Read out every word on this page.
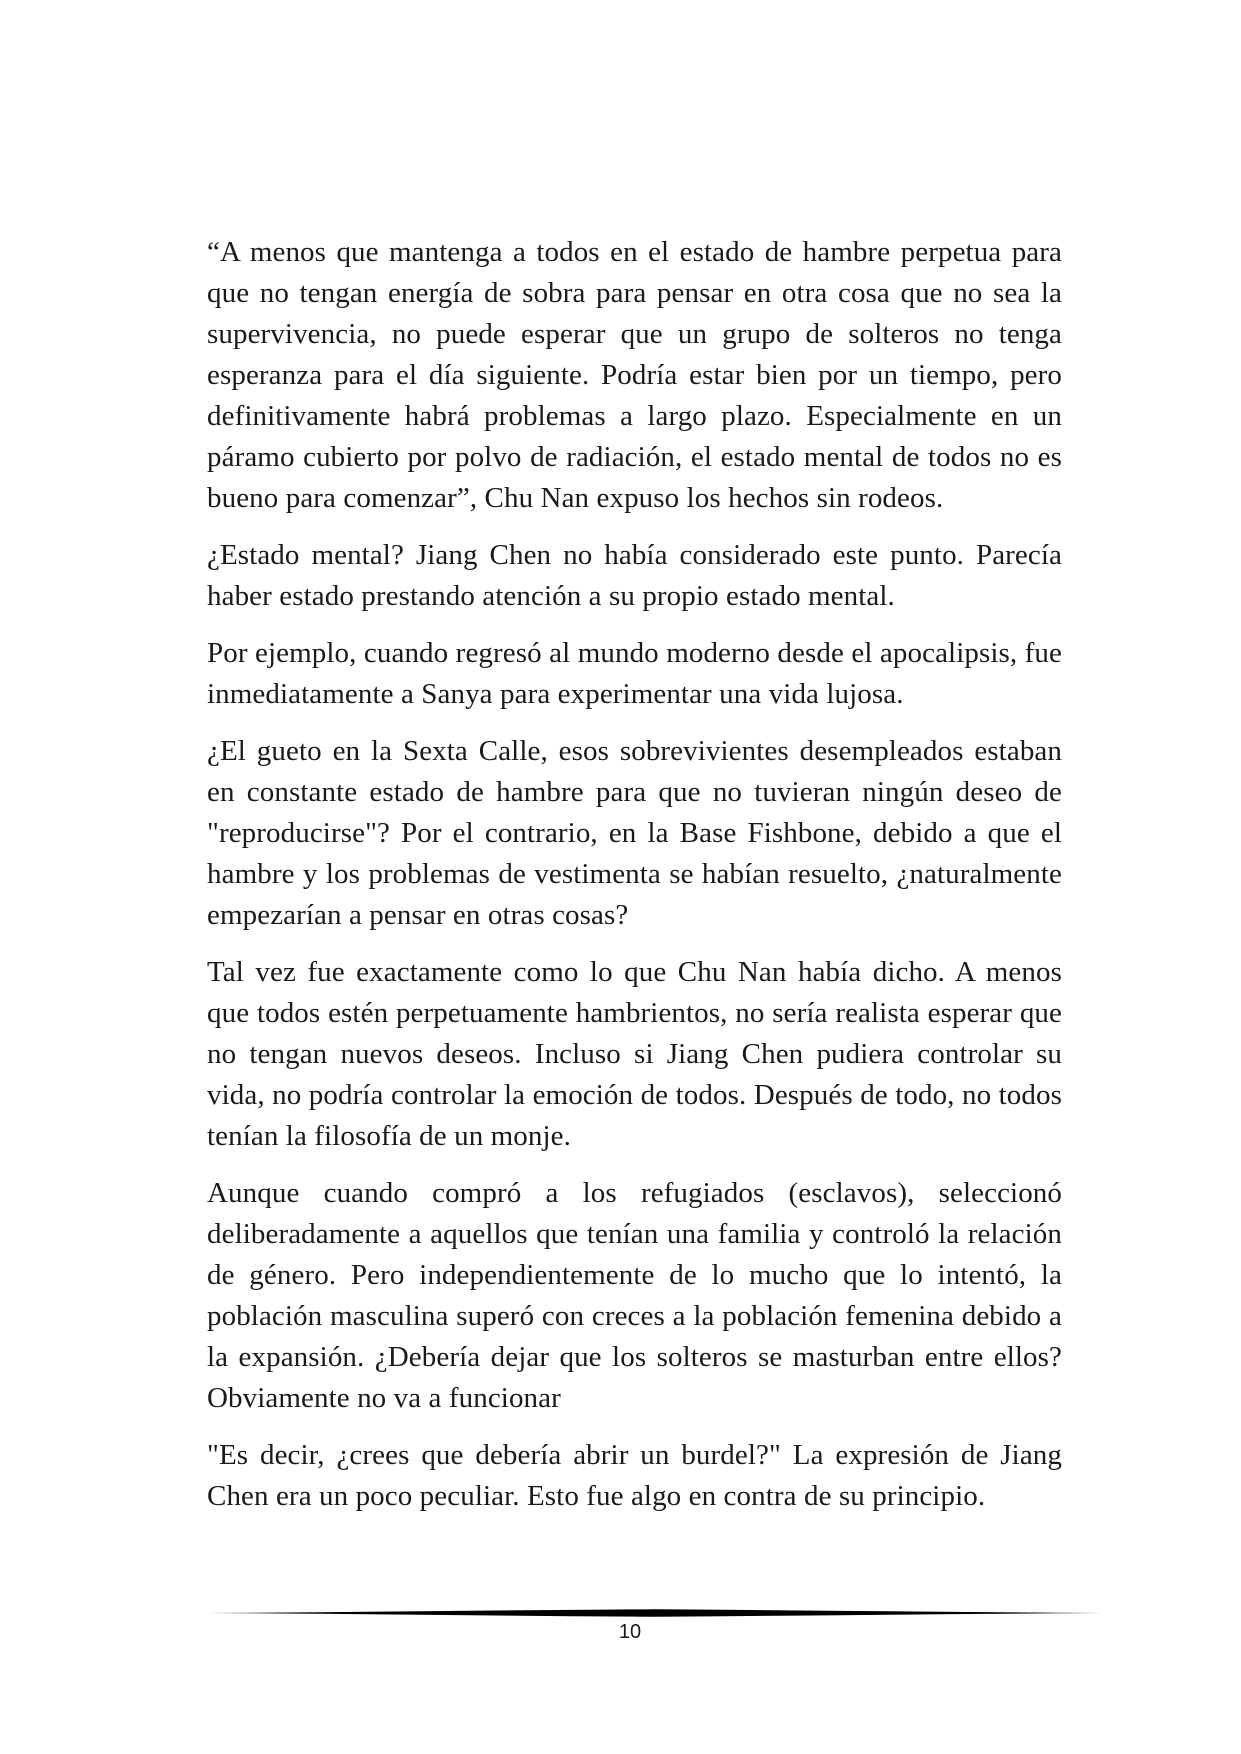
“A menos que mantenga a todos en el estado de hambre perpetua para que no tengan energía de sobra para pensar en otra cosa que no sea la supervivencia, no puede esperar que un grupo de solteros no tenga esperanza para el día siguiente. Podría estar bien por un tiempo, pero definitivamente habrá problemas a largo plazo. Especialmente en un páramo cubierto por polvo de radiación, el estado mental de todos no es bueno para comenzar”, Chu Nan expuso los hechos sin rodeos.

¿Estado mental? Jiang Chen no había considerado este punto. Parecía haber estado prestando atención a su propio estado mental.

Por ejemplo, cuando regresó al mundo moderno desde el apocalipsis, fue inmediatamente a Sanya para experimentar una vida lujosa.

¿El gueto en la Sexta Calle, esos sobrevivientes desempleados estaban en constante estado de hambre para que no tuvieran ningún deseo de "reproducirse"? Por el contrario, en la Base Fishbone, debido a que el hambre y los problemas de vestimenta se habían resuelto, ¿naturalmente empezarían a pensar en otras cosas?

Tal vez fue exactamente como lo que Chu Nan había dicho. A menos que todos estén perpetuamente hambrientos, no sería realista esperar que no tengan nuevos deseos. Incluso si Jiang Chen pudiera controlar su vida, no podría controlar la emoción de todos. Después de todo, no todos tenían la filosofía de un monje.

Aunque cuando compró a los refugiados (esclavos), seleccionó deliberadamente a aquellos que tenían una familia y controló la relación de género. Pero independientemente de lo mucho que lo intentó, la población masculina superó con creces a la población femenina debido a la expansión. ¿Debería dejar que los solteros se masturban entre ellos? Obviamente no va a funcionar

"Es decir, ¿crees que debería abrir un burdel?" La expresión de Jiang Chen era un poco peculiar. Esto fue algo en contra de su principio.

10
